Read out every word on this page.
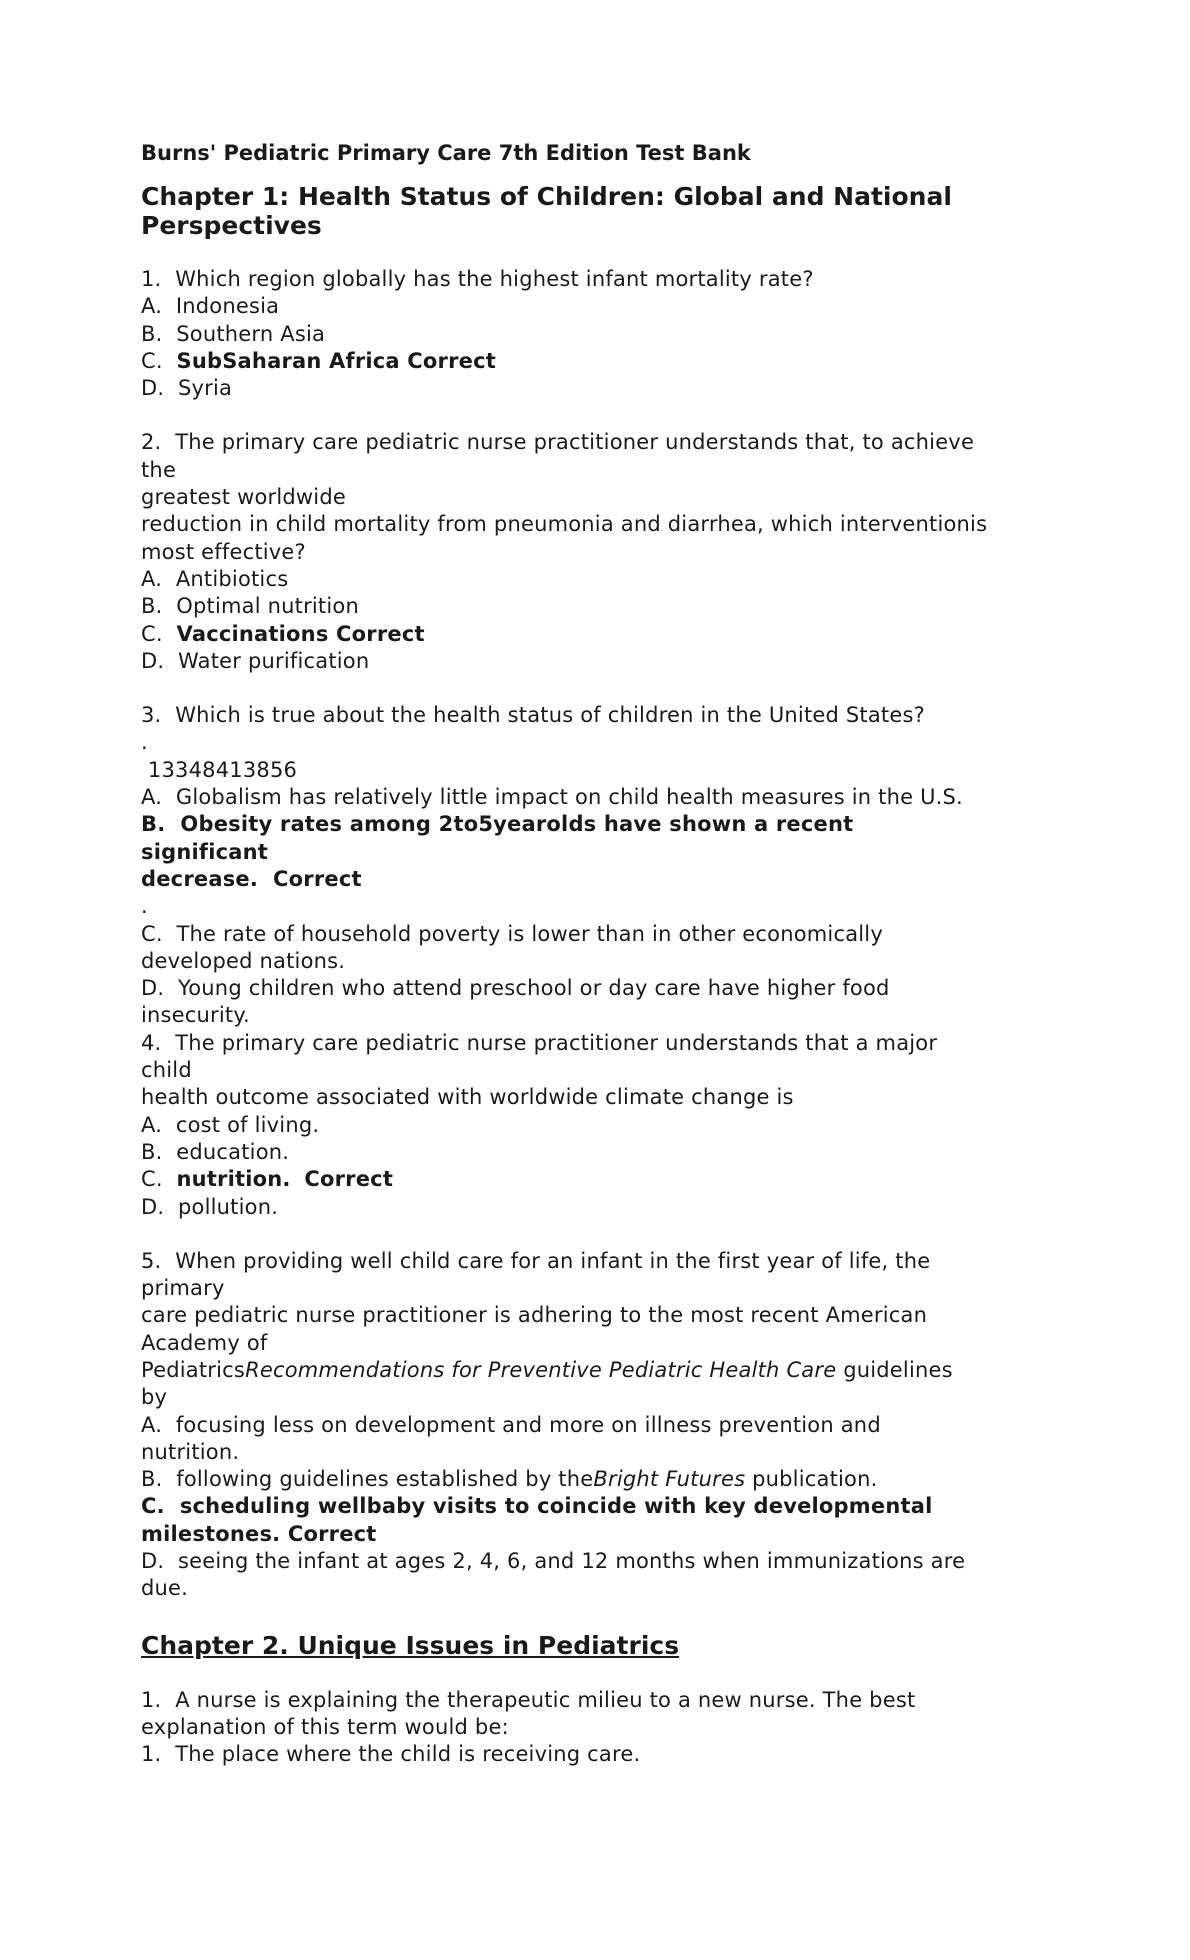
Burns' Pediatric Primary Care 7th Edition Test Bank
Chapter 1: Health Status of Children: Global and National Perspectives
1. Which region globally has the highest infant mortality rate?
A. Indonesia
B. Southern Asia
C. SubSaharan Africa Correct
D. Syria
2. The primary care pediatric nurse practitioner understands that, to achieve
the
greatest worldwide
reduction in child mortality from pneumonia and diarrhea, which interventionis
most effective?
A. Antibiotics
B. Optimal nutrition
C. Vaccinations Correct
D. Water purification
3. Which is true about the health status of children in the United States?
.
13348413856
A. Globalism has relatively little impact on child health measures in the U.S.
B. Obesity rates among 2to5yearolds have shown a recent
significant
decrease. Correct
.
C. The rate of household poverty is lower than in other economically
developed nations.
D. Young children who attend preschool or day care have higher food
insecurity.
4. The primary care pediatric nurse practitioner understands that a major
child
health outcome associated with worldwide climate change is
A. cost of living.
B. education.
C. nutrition. Correct
D. pollution.
5. When providing well child care for an infant in the first year of life, the
primary
care pediatric nurse practitioner is adhering to the most recent American
Academy of
PediatricsRecommendations for Preventive Pediatric Health Care guidelines
by
A. focusing less on development and more on illness prevention and
nutrition.
B. following guidelines established by theBright Futures publication.
C. scheduling wellbaby visits to coincide with key developmental
milestones. Correct
D. seeing the infant at ages 2, 4, 6, and 12 months when immunizations are
due.
Chapter 2. Unique Issues in Pediatrics
1. A nurse is explaining the therapeutic milieu to a new nurse. The best
explanation of this term would be:
1. The place where the child is receiving care.
